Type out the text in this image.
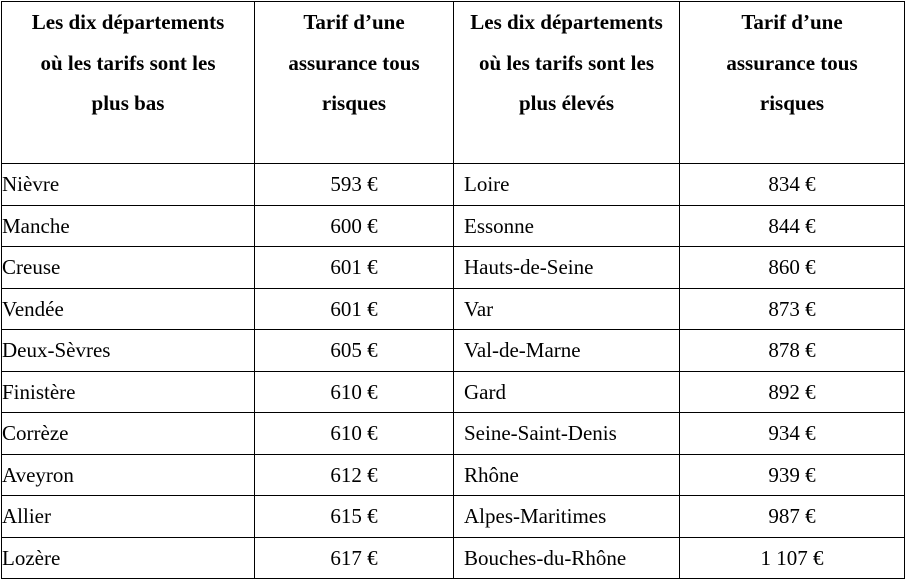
Les dix départements où les tarifs sont les plus bas	Tarif d’une assurance tous risques	Les dix départements où les tarifs sont les plus élevés	Tarif d’une assurance tous risques

Nièvre	593 €	Loire	834 €
Manche	600 €	Essonne	844 €
Creuse	601 €	Hauts-de-Seine	860 €
Vendée	601 €	Var	873 €
Deux-Sèvres	605 €	Val-de-Marne	878 €
Finistère	610 €	Gard	892 €
Corrèze	610 €	Seine-Saint-Denis	934 €
Aveyron	612 €	Rhône	939 €
Allier	615 €	Alpes-Maritimes	987 €
Lozère	617 €	Bouches-du-Rhône	1 107 €
